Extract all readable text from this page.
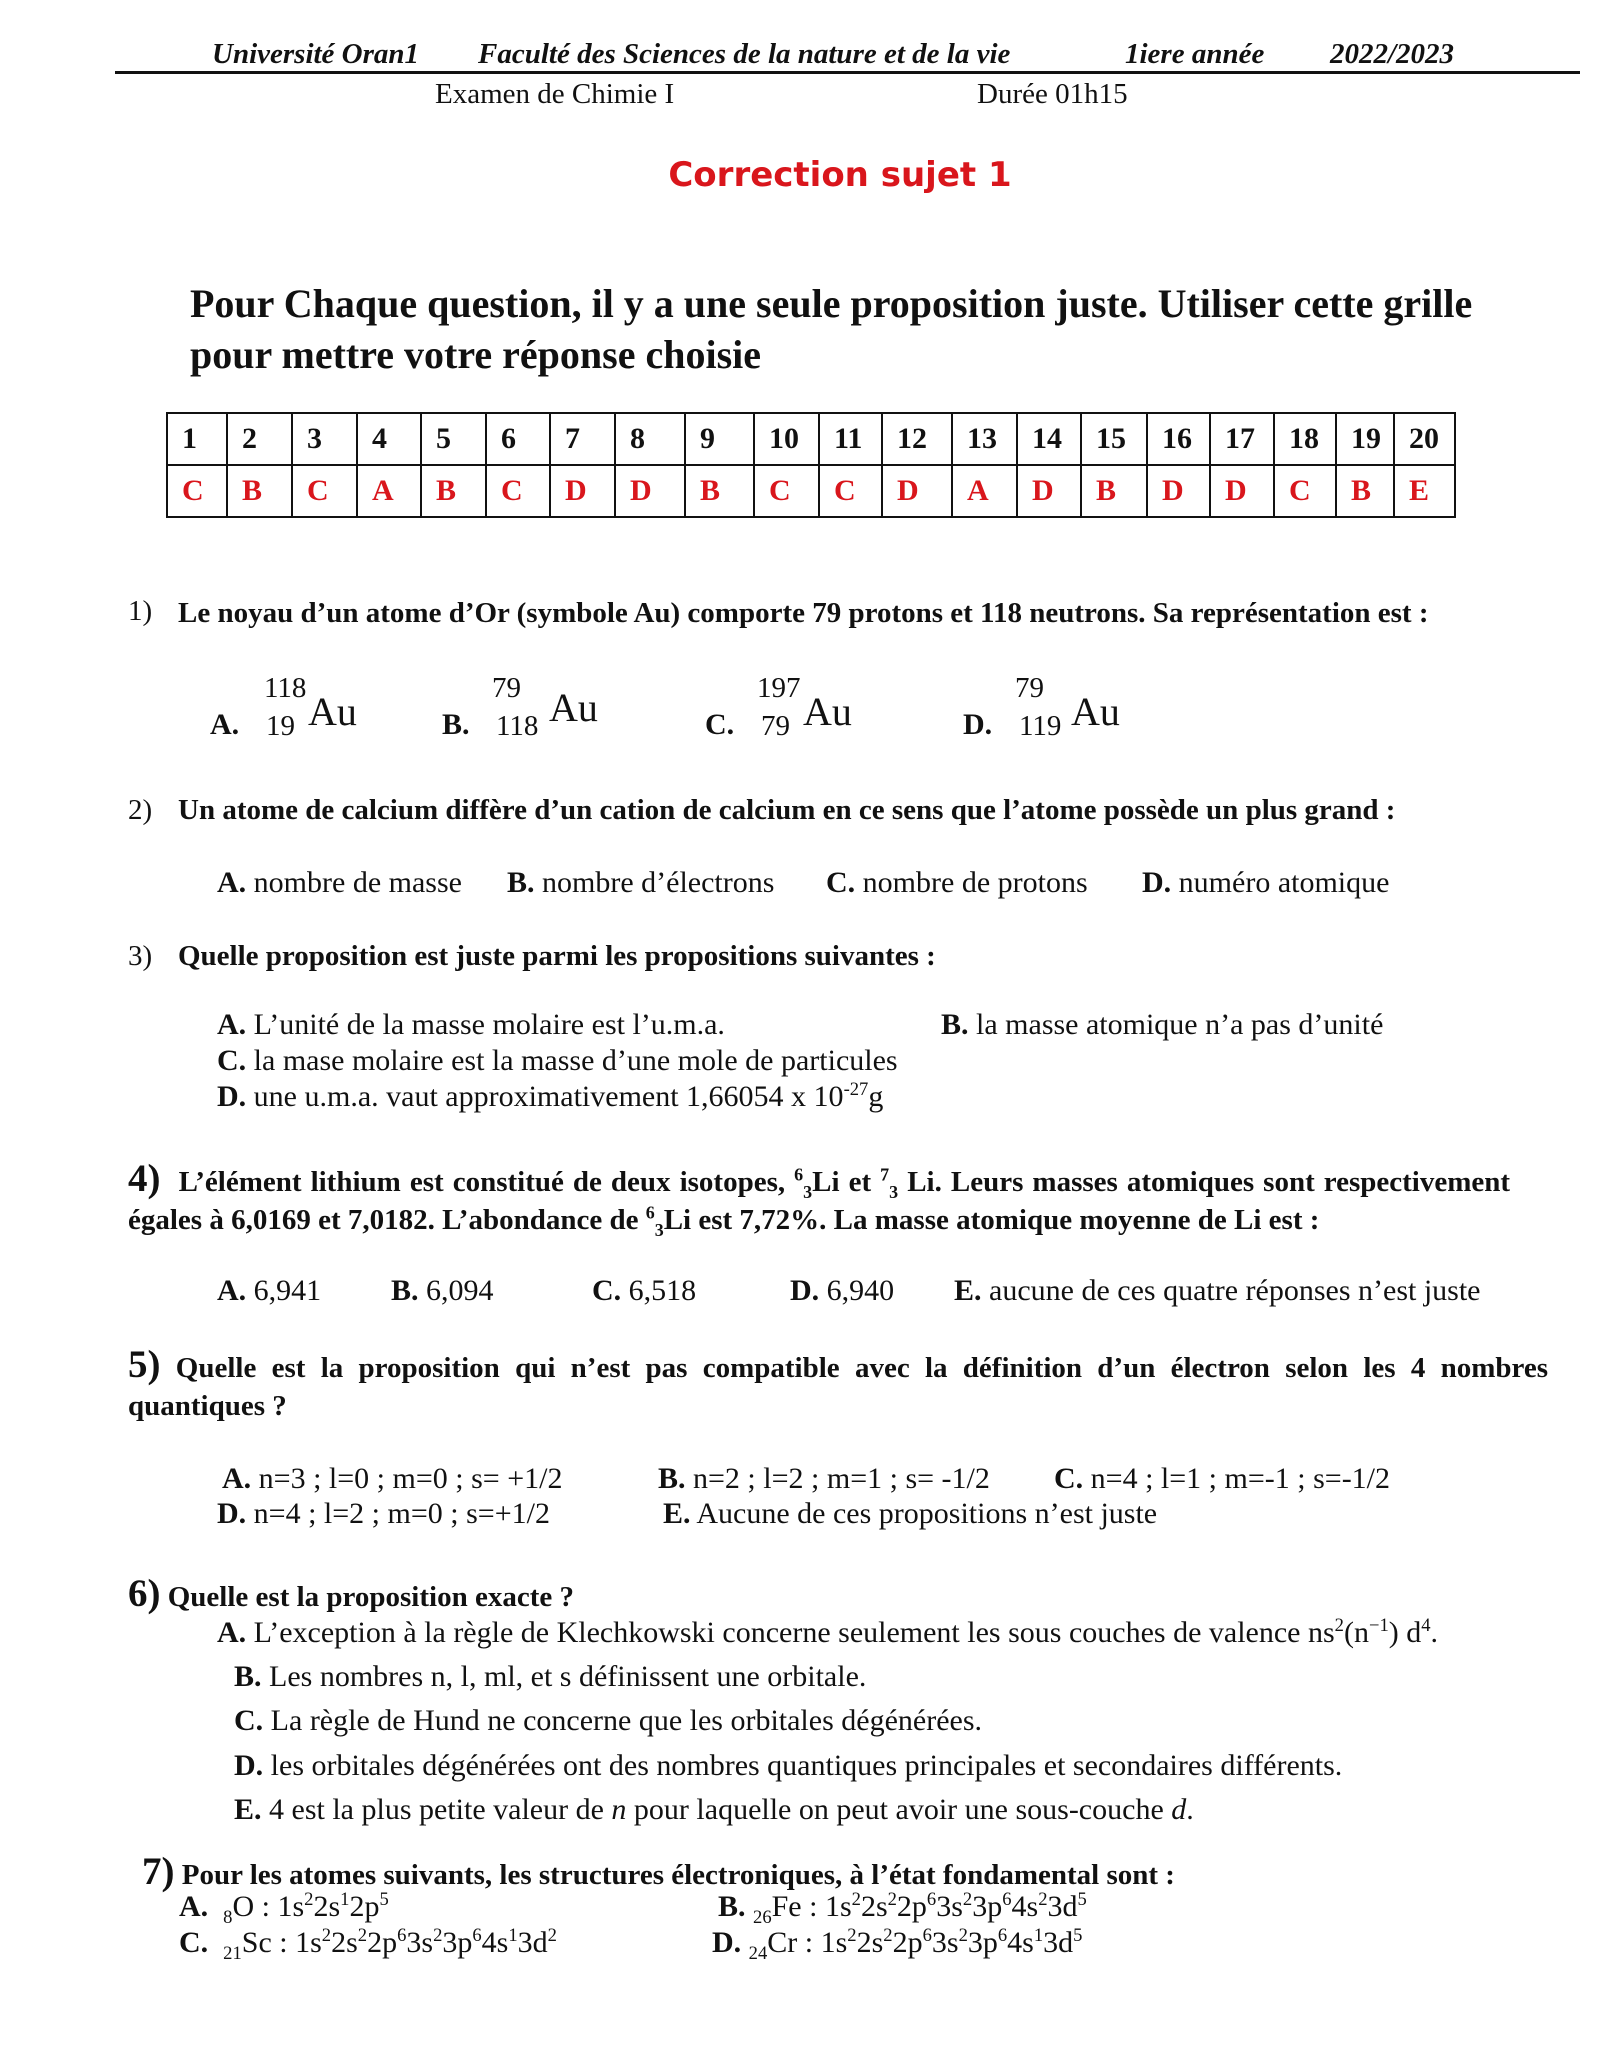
Université Oran1 Faculté des Sciences de la nature et de la vie	1iere année 2022/2023
Examen de Chimie I	Durée 01h15
Correction sujet 1
Pour Chaque question, il y a une seule proposition juste. Utiliser cette grille pour mettre votre réponse choisie
1	2	3	4	5	6	7	8	9	10	11	12	13	14	15	16	17	18	19	20
C	B	C	A	B	C	D	D	B	C	C	D	A	D	B	D	D	C	B	E
1) Le noyau d’un atome d’Or (symbole Au) comporte 79 protons et 118 neutrons. Sa représentation est :
A.
118
19 Au	B.
79
118 Au	C.
197
79 Au	D.
79
119 Au
2) Un atome de calcium diffère d’un cation de calcium en ce sens que l’atome possède un plus grand :
A. nombre de masse B. nombre d’électrons C. nombre de protons D. numéro atomique
3) Quelle proposition est juste parmi les propositions suivantes :
A. L’unité de la masse molaire est l’u.m.a.	B. la masse atomique n’a pas d’unité
C. la mase molaire est la masse d’une mole de particules
D. une u.m.a. vaut approximativement 1,66054 x $10^{-27}g$
4) L’élément lithium est constitué de deux isotopes, $^6_3$Li et $^7_3$ Li. Leurs masses atomiques sont respectivement égales à 6,0169 et 7,0182. L’abondance de $^6_3$Li est 7,72%. La masse atomique moyenne de Li est :
A. 6,941 B. 6,094	C. 6,518	D. 6,940 E. aucune de ces quatre réponses n’est juste
5) Quelle est la proposition qui n’est pas compatible avec la définition d’un électron selon les 4 nombres quantiques ?
A. n=3 ; l=0 ; m=0 ; s= +1/2	B. n=2 ; l=2 ; m=1 ; s= -1/2 C. n=4 ; l=1 ; m=-1 ; s=-1/2
D. n=4 ; l=2 ; m=0 ; s=+1/2	E. Aucune de ces propositions n’est juste
6) Quelle est la proposition exacte ?
A. L’exception à la règle de Klechkowski concerne seulement les sous couches de valence $ns^2(n^{-1})$ $d^4$.
B. Les nombres n, l, ml, et s définissent une orbitale.
C. La règle de Hund ne concerne que les orbitales dégénérées.
D. les orbitales dégénérées ont des nombres quantiques principales et secondaires différents.
E. 4 est la plus petite valeur de n pour laquelle on peut avoir une sous-couche d.
7) Pour les atomes suivants, les structures électroniques, à l’état fondamental sont :
A. $_8$O : $1s^22s^12p^5$	B. $_{26}$Fe : $1s^22s^22p^63s^23p^64s^23d^5$
C. $_{21}$Sc : $1s^22s^22p^63s^23p^64s^13d^2$	D. $_{24}$Cr : $1s^22s^22p^63s^23p^64s^13d^5$
